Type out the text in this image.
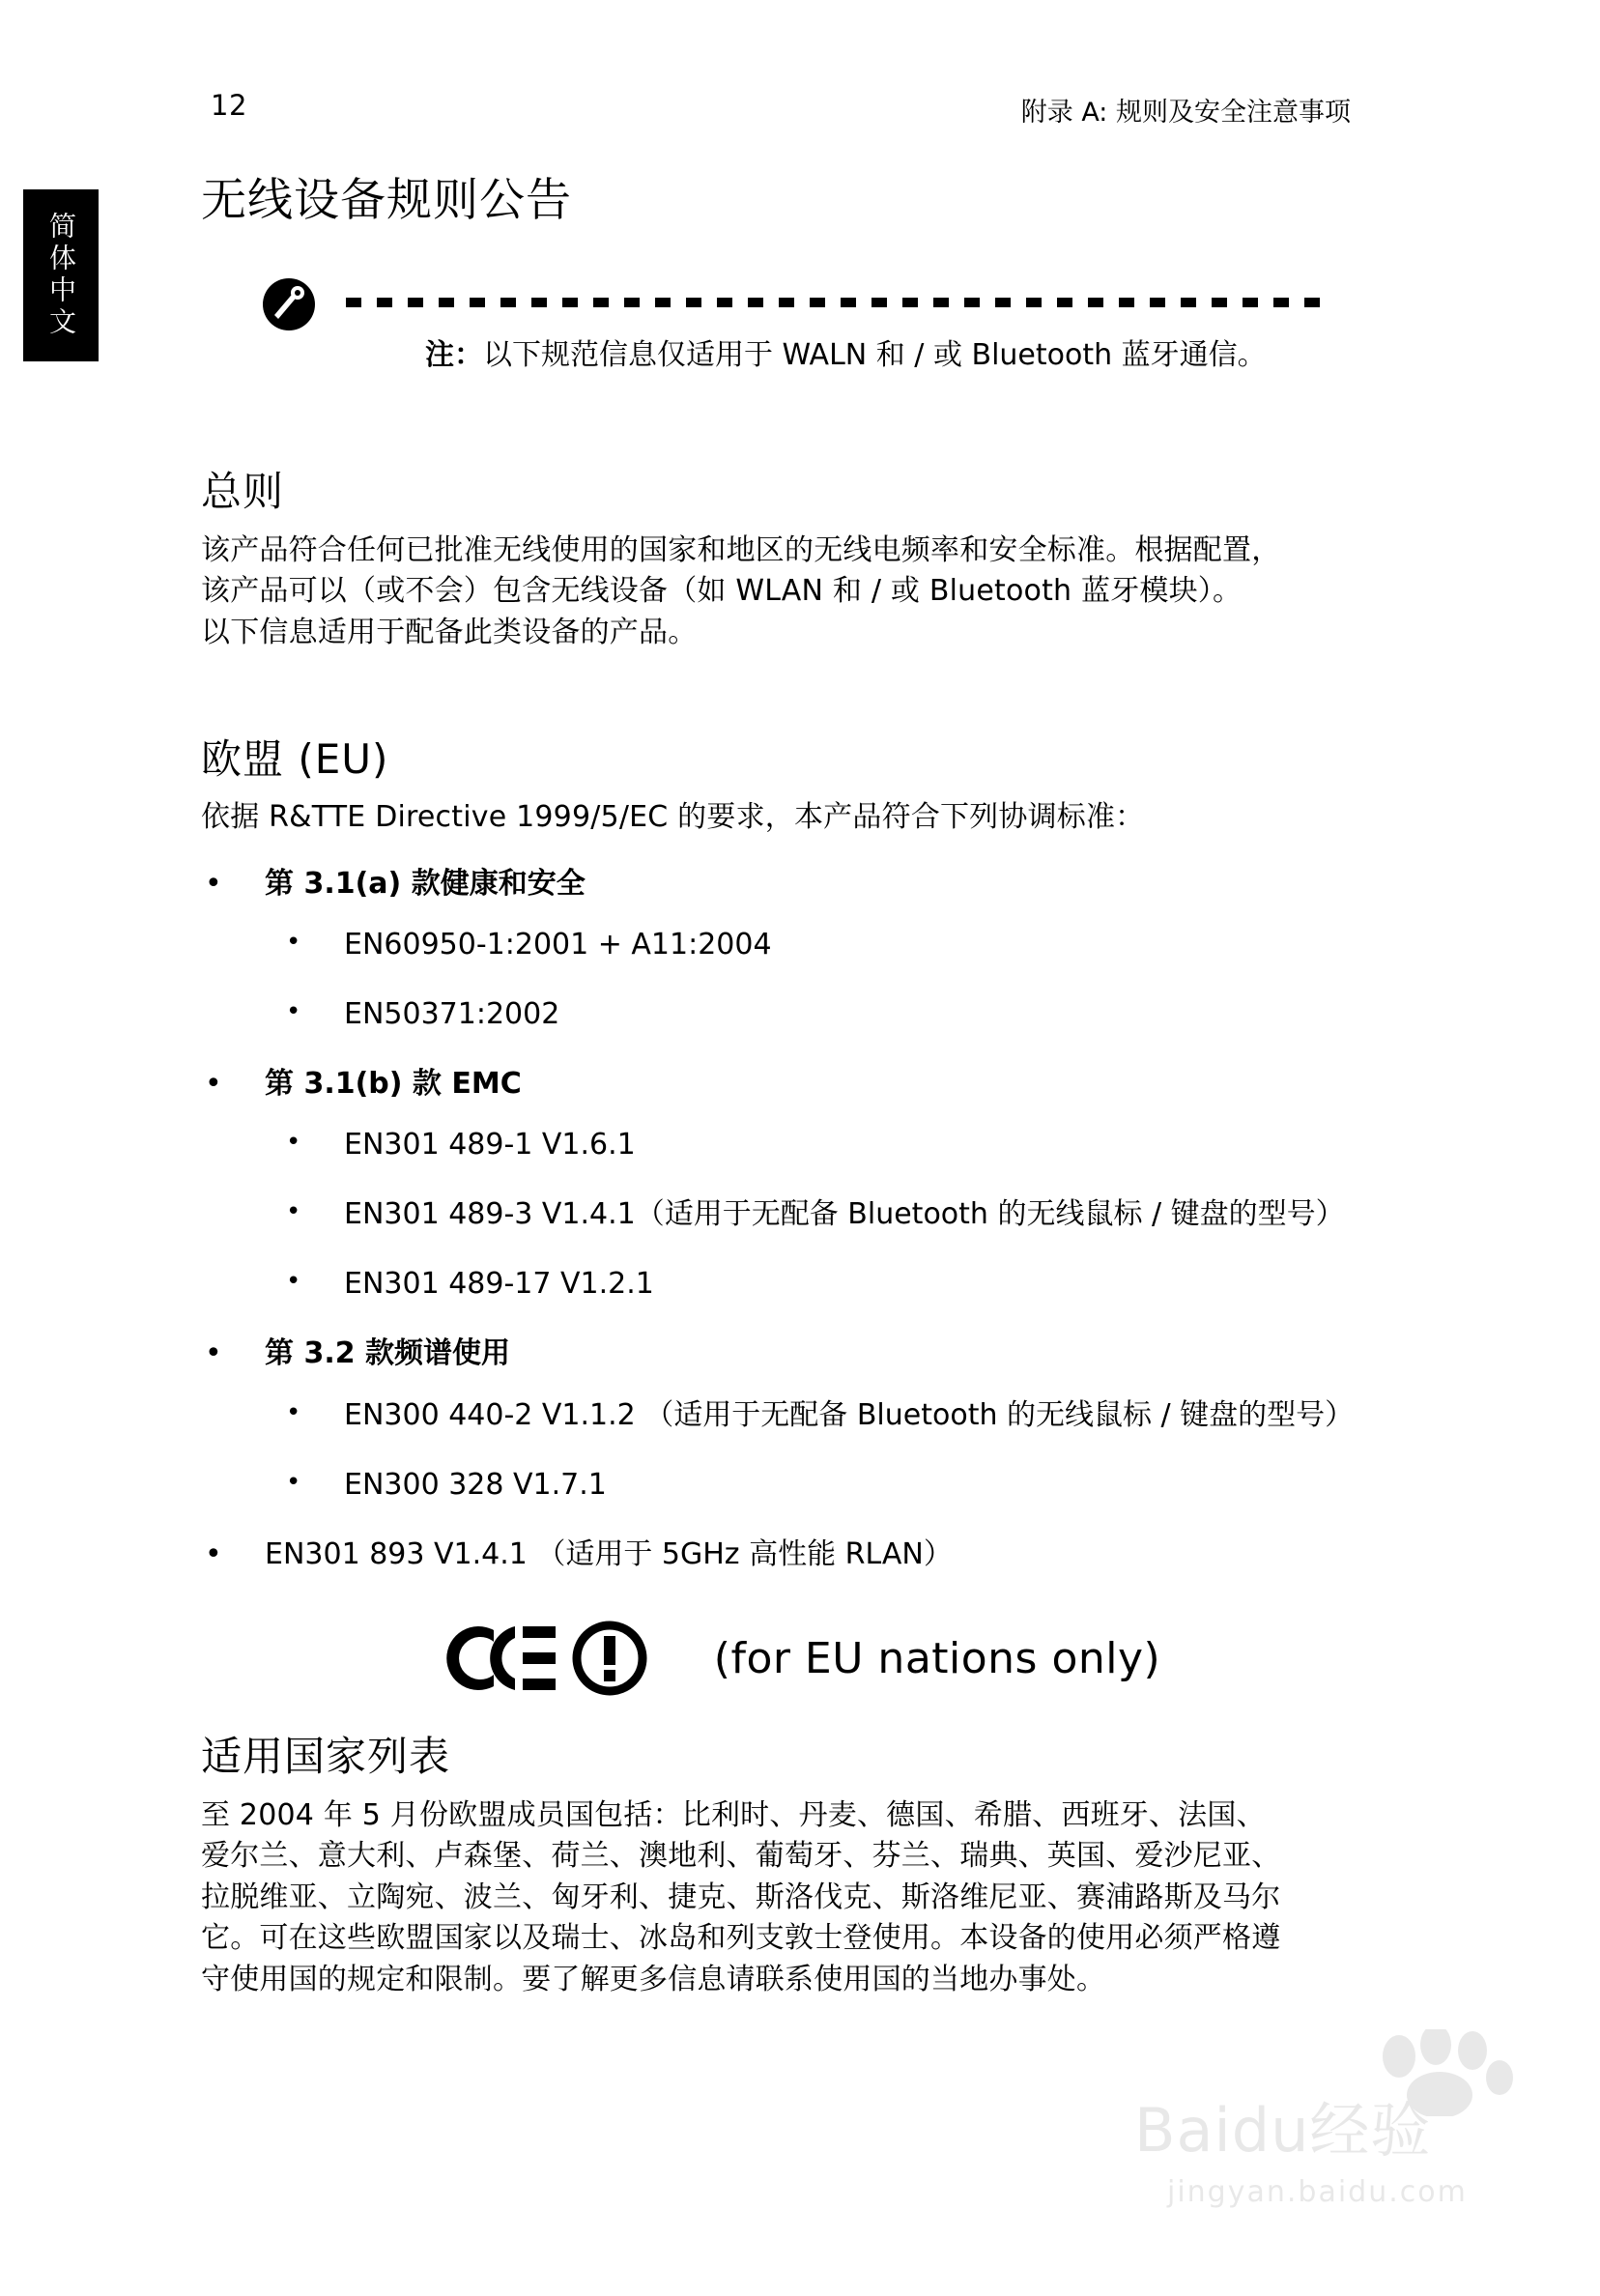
12	附录 A: 规则及安全注意事项
简体中文
无线设备规则公告
注：以下规范信息仅适用于 WALN 和 / 或 Bluetooth 蓝牙通信。
总则
该产品符合任何已批准无线使用的国家和地区的无线电频率和安全标准。根据配置，
该产品可以（或不会）包含无线设备（如 WLAN 和 / 或 Bluetooth 蓝牙模块）。
以下信息适用于配备此类设备的产品。
欧盟 (EU)
依据 R&TTE Directive 1999/5/EC 的要求，本产品符合下列协调标准：
• 第 3.1(a) 款健康和安全
• EN60950-1:2001 + A11:2004
• EN50371:2002
• 第 3.1(b) 款 EMC
• EN301 489-1 V1.6.1
• EN301 489-3 V1.4.1（适用于无配备 Bluetooth 的无线鼠标 / 键盘的型号）
• EN301 489-17 V1.2.1
• 第 3.2 款频谱使用
• EN300 440-2 V1.1.2 （适用于无配备 Bluetooth 的无线鼠标 / 键盘的型号）
• EN300 328 V1.7.1
• EN301 893 V1.4.1 （适用于 5GHz 高性能 RLAN）
(for EU nations only)
适用国家列表
至 2004 年 5 月份欧盟成员国包括：比利时、丹麦、德国、希腊、西班牙、法国、
爱尔兰、意大利、卢森堡、荷兰、澳地利、葡萄牙、芬兰、瑞典、英国、爱沙尼亚、
拉脱维亚、立陶宛、波兰、匈牙利、捷克、斯洛伐克、斯洛维尼亚、赛浦路斯及马尔
它。可在这些欧盟国家以及瑞士、冰岛和列支敦士登使用。本设备的使用必须严格遵
守使用国的规定和限制。要了解更多信息请联系使用国的当地办事处。
Baidu经验
jingyan.baidu.com
